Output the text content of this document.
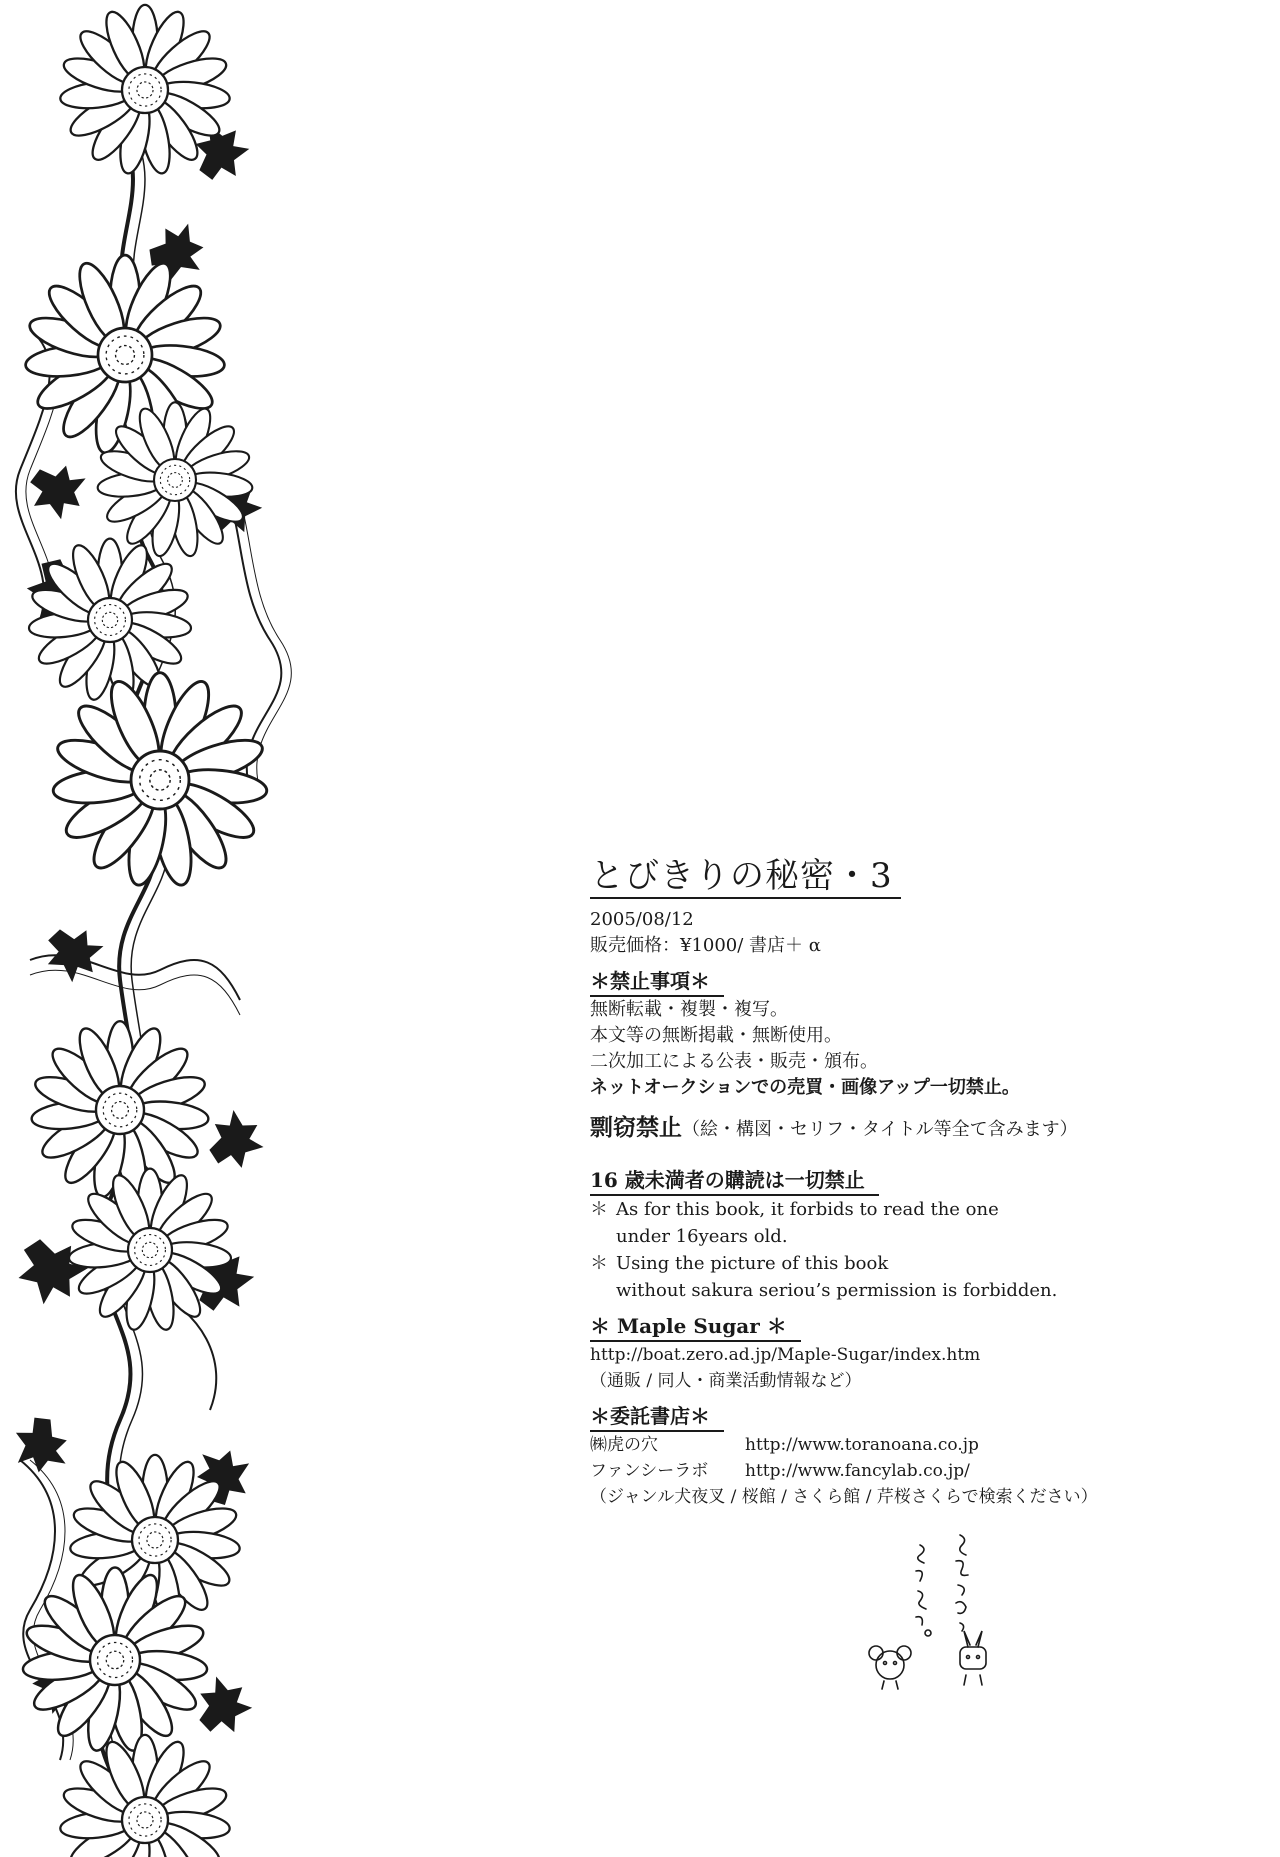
とびきりの秘密・3
2005/08/12
販売価格：¥1000/ 書店＋ α
＊禁止事項＊
無断転載・複製・複写。
本文等の無断掲載・無断使用。
二次加工による公表・販売・頒布。
ネットオークションでの売買・画像アップ一切禁止。
剽窃禁止（絵・構図・セリフ・タイトル等全て含みます）
16 歳未満者の購読は一切禁止
＊ As for this book, it forbids to read the one
under 16years old.
＊ Using the picture of this book
without sakura seriou’s permission is forbidden.
＊ Maple Sugar ＊
http://boat.zero.ad.jp/Maple-Sugar/index.htm
（通販 / 同人・商業活動情報など）
＊委託書店＊
㈱虎の穴	http://www.toranoana.co.jp
ファンシーラボ	http://www.fancylab.co.jp/
（ジャンル犬夜叉 / 桜館 / さくら館 / 芹桜さくらで検索ください）
